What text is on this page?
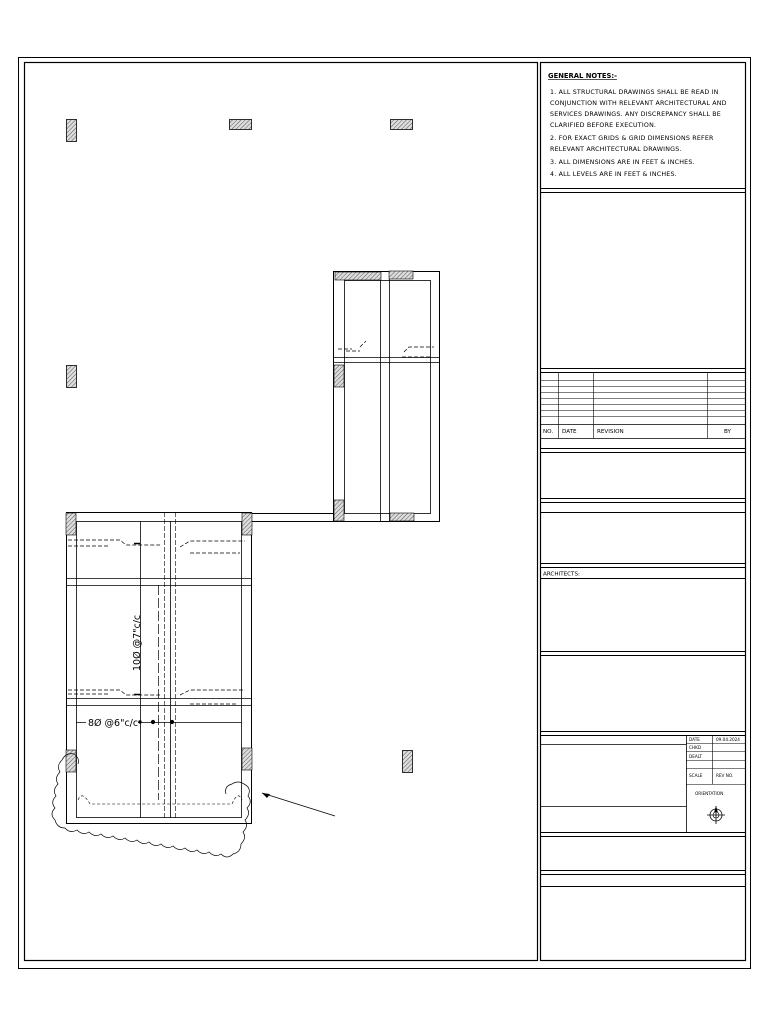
GENERAL NOTES:-
1. ALL STRUCTURAL DRAWINGS SHALL BE READ IN
CONJUNCTION WITH RELEVANT ARCHITECTURAL AND
SERVICES DRAWINGS. ANY DISCREPANCY SHALL BE
CLARIFIED BEFORE EXECUTION.
2. FOR EXACT GRIDS & GRID DIMENSIONS REFER
RELEVANT ARCHITECTURAL DRAWINGS.
3. ALL DIMENSIONS ARE IN FEET & INCHES.
4. ALL LEVELS ARE IN FEET & INCHES.
NO. DATE	REVISION	BY
ARCHITECTS:
DATE	09.04.2024
CHKD
DEALT
SCALE	REV NO.
ORIENTATION
10Ø @7"c/c
8Ø @6"c/c
